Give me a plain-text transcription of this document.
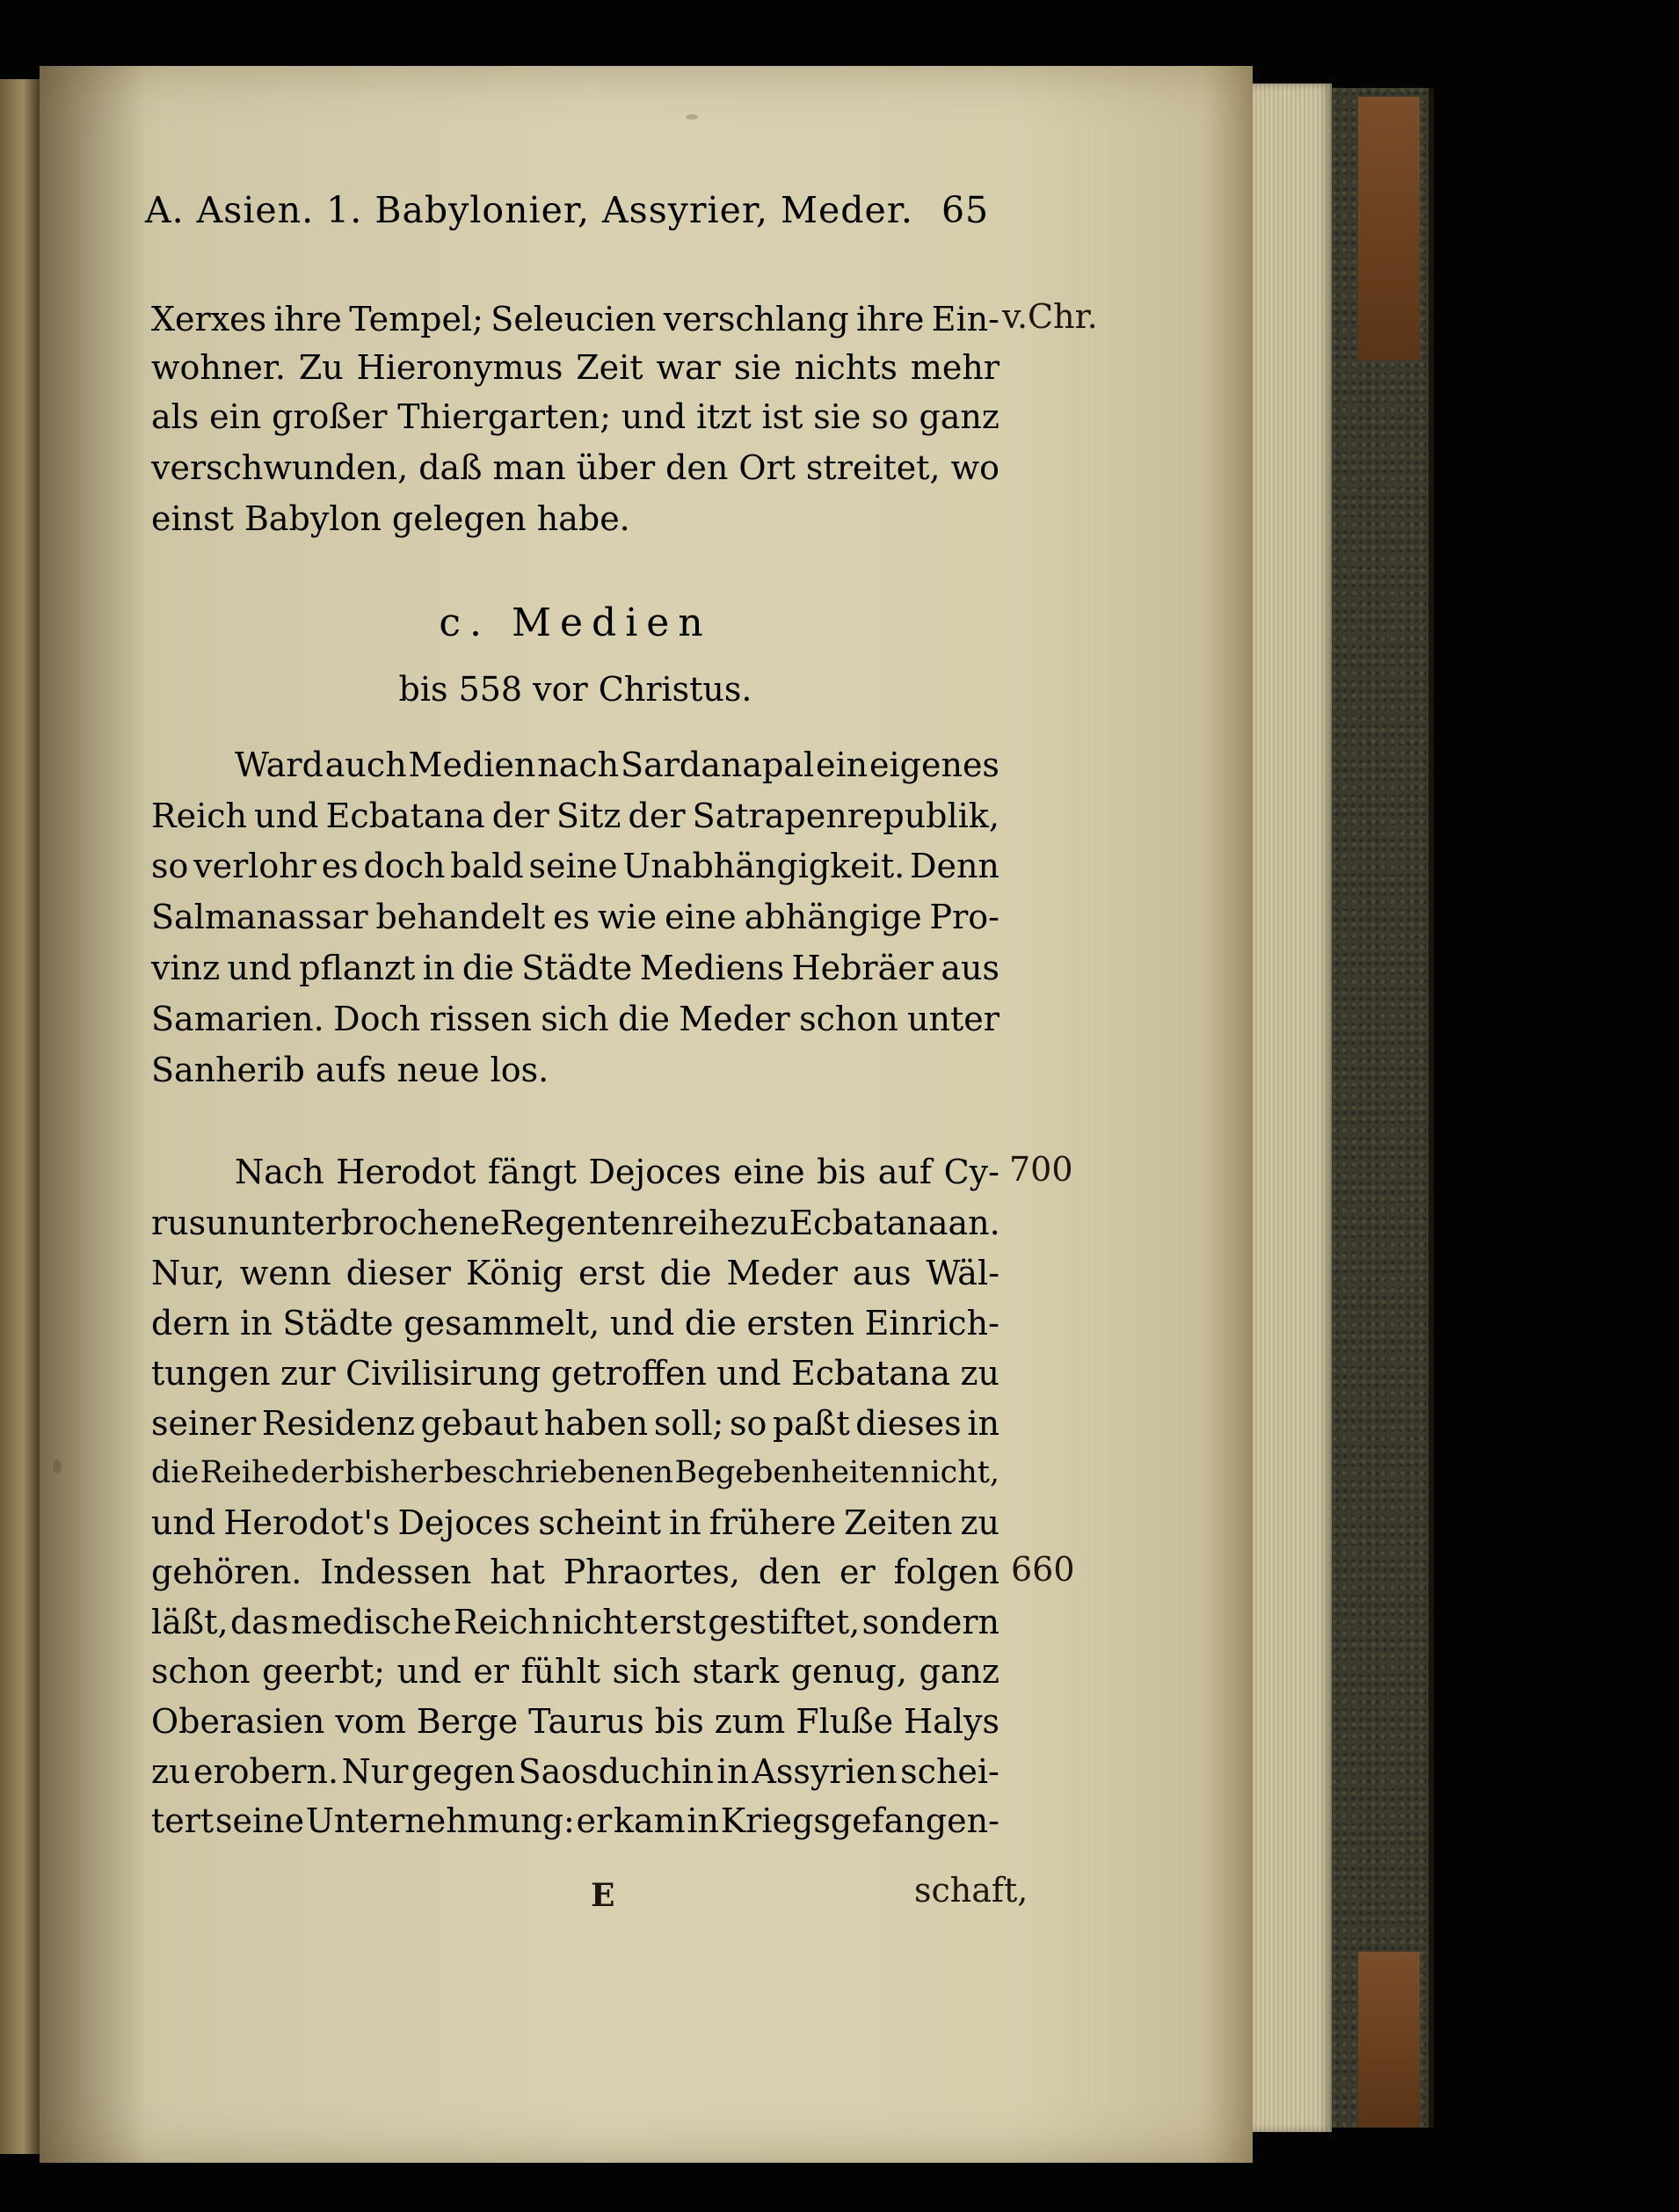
A. Asien. 1. Babylonier, Assyrier, Meder. 65
Xerxes ihre Tempel; Seleucien verschlang ihre Ein-
wohner. Zu Hieronymus Zeit war sie nichts mehr
als ein großer Thiergarten; und itzt ist sie so ganz
verschwunden, daß man über den Ort streitet, wo
einst Babylon gelegen habe.
v.Chr.
c. Medien
bis 558 vor Christus.
Ward auch Medien nach Sardanapal ein eigenes
Reich und Ecbatana der Sitz der Satrapenrepublik,
so verlohr es doch bald seine Unabhängigkeit. Denn
Salmanassar behandelt es wie eine abhängige Pro-
vinz und pflanzt in die Städte Mediens Hebräer aus
Samarien. Doch rissen sich die Meder schon unter
Sanherib aufs neue los.
Nach Herodot fängt Dejoces eine bis auf Cy-
rus ununterbrochene Regentenreihe zu Ecbatana an.
Nur, wenn dieser König erst die Meder aus Wäl-
dern in Städte gesammelt, und die ersten Einrich-
tungen zur Civilisirung getroffen und Ecbatana zu
seiner Residenz gebaut haben soll; so paßt dieses in
die Reihe der bisher beschriebenen Begebenheiten nicht,
und Herodot's Dejoces scheint in frühere Zeiten zu
gehören. Indessen hat Phraortes, den er folgen
läßt, das medische Reich nicht erst gestiftet, sondern
schon geerbt; und er fühlt sich stark genug, ganz
Oberasien vom Berge Taurus bis zum Fluße Halys
zu erobern. Nur gegen Saosduchin in Assyrien schei-
tert seine Unternehmung: er kam in Kriegsgefangen-
700
660
E	schaft,
